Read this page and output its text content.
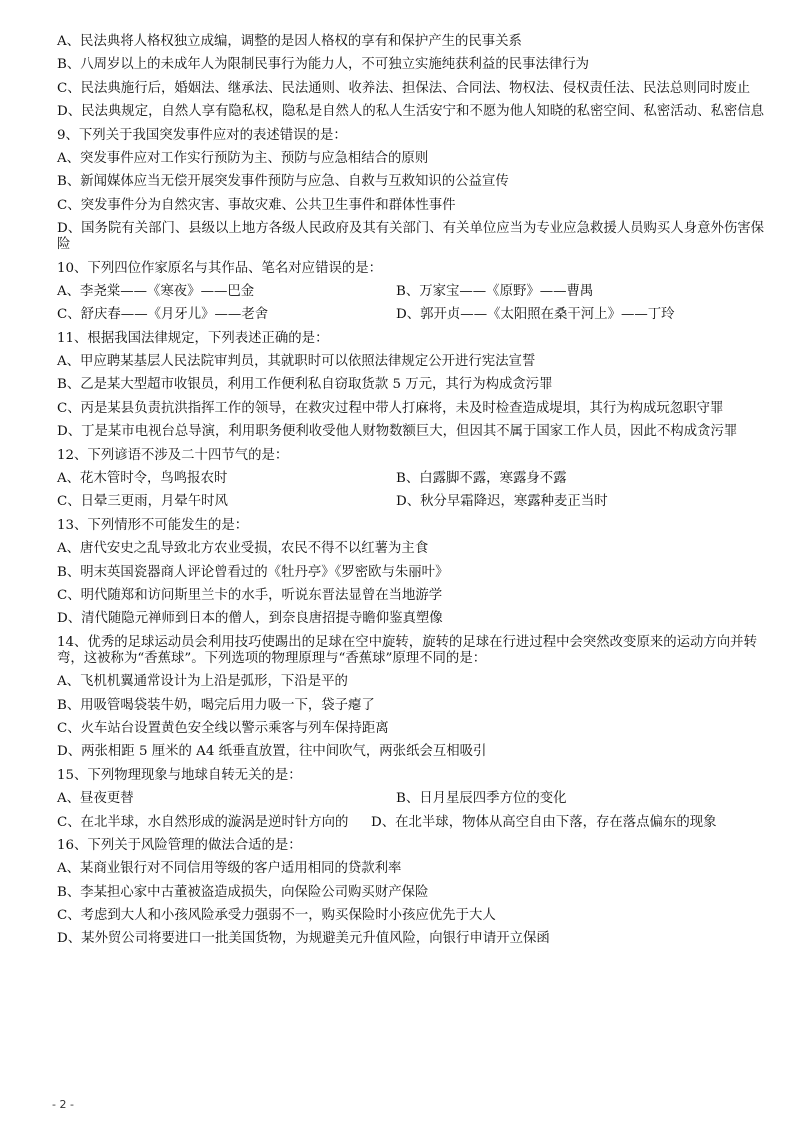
A、民法典将人格权独立成编，调整的是因人格权的享有和保护产生的民事关系
B、八周岁以上的未成年人为限制民事行为能力人，不可独立实施纯获利益的民事法律行为
C、民法典施行后，婚姻法、继承法、民法通则、收养法、担保法、合同法、物权法、侵权责任法、民法总则同时废止
D、民法典规定，自然人享有隐私权，隐私是自然人的私人生活安宁和不愿为他人知晓的私密空间、私密活动、私密信息
9、下列关于我国突发事件应对的表述错误的是：
A、突发事件应对工作实行预防为主、预防与应急相结合的原则
B、新闻媒体应当无偿开展突发事件预防与应急、自救与互救知识的公益宣传
C、突发事件分为自然灾害、事故灾难、公共卫生事件和群体性事件
D、国务院有关部门、县级以上地方各级人民政府及其有关部门、有关单位应当为专业应急救援人员购买人身意外伤害保险
10、下列四位作家原名与其作品、笔名对应错误的是：
A、李尧棠——《寒夜》——巴金	B、万家宝——《原野》——曹禺
C、舒庆春——《月牙儿》——老舍	D、郭开贞——《太阳照在桑干河上》——丁玲
11、根据我国法律规定，下列表述正确的是：
A、甲应聘某基层人民法院审判员，其就职时可以依照法律规定公开进行宪法宣誓
B、乙是某大型超市收银员，利用工作便利私自窃取货款 5 万元，其行为构成贪污罪
C、丙是某县负责抗洪指挥工作的领导，在救灾过程中带人打麻将，未及时检查造成堤垻，其行为构成玩忽职守罪
D、丁是某市电视台总导演，利用职务便利收受他人财物数额巨大，但因其不属于国家工作人员，因此不构成贪污罪
12、下列谚语不涉及二十四节气的是：
A、花木管时令，鸟鸣报农时	B、白露脚不露，寒露身不露
C、日晕三更雨，月晕午时风	D、秋分早霜降迟，寒露种麦正当时
13、下列情形不可能发生的是：
A、唐代安史之乱导致北方农业受损，农民不得不以红薯为主食
B、明末英国瓷器商人评论曾看过的《牡丹亭》《罗密欧与朱丽叶》
C、明代随郑和访问斯里兰卡的水手，听说东晋法显曾在当地游学
D、清代随隐元禅师到日本的僧人，到奈良唐招提寺瞻仰鉴真塑像
14、优秀的足球运动员会利用技巧使踢出的足球在空中旋转，旋转的足球在行进过程中会突然改变原来的运动方向并转弯，这被称为“香蕉球”。下列选项的物理原理与“香蕉球”原理不同的是：
A、飞机机翼通常设计为上沿是弧形，下沿是平的
B、用吸管喝袋装牛奶，喝完后用力吸一下，袋子瘪了
C、火车站台设置黄色安全线以警示乘客与列车保持距离
D、两张相距 5 厘米的 A4 纸垂直放置，往中间吹气，两张纸会互相吸引
15、下列物理现象与地球自转无关的是：
A、昼夜更替	B、日月星辰四季方位的变化
C、在北半球，水自然形成的漩涡是逆时针方向的	D、在北半球，物体从高空自由下落，存在落点偏东的现象
16、下列关于风险管理的做法合适的是：
A、某商业银行对不同信用等级的客户适用相同的贷款利率
B、李某担心家中古董被盗造成损失，向保险公司购买财产保险
C、考虑到大人和小孩风险承受力强弱不一，购买保险时小孩应优先于大人
D、某外贸公司将要进口一批美国货物，为规避美元升值风险，向银行申请开立保函
- 2 -
